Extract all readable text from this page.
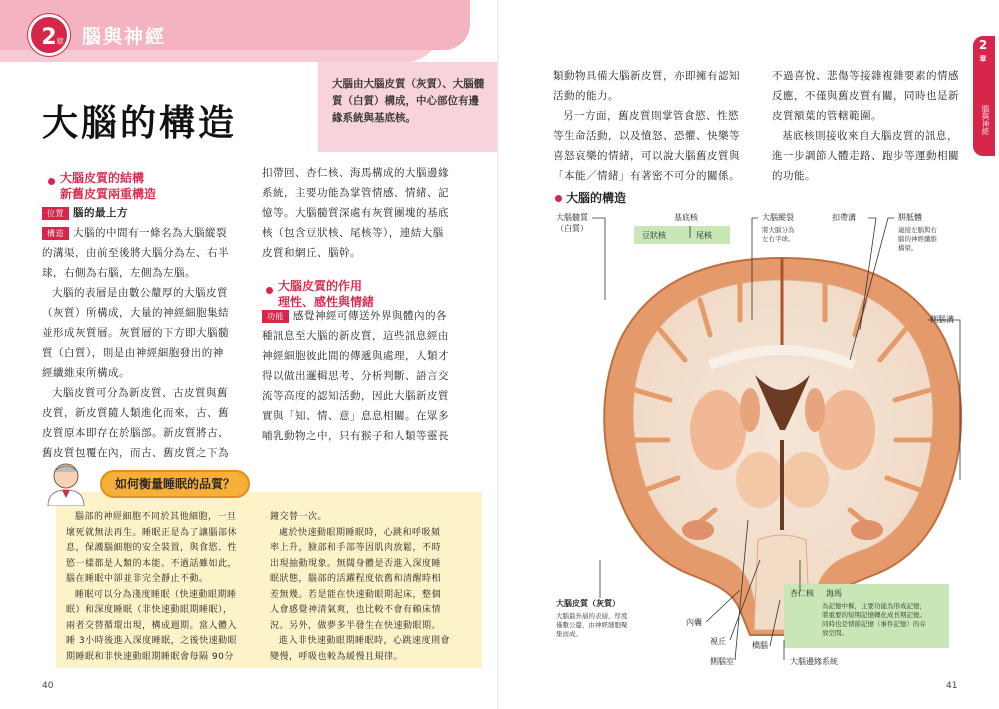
2 章 腦與神經
大腦的構造
大腦由大腦皮質（灰質）、大腦髓質（白質）構成，中心部位有邊緣系統與基底核。
大腦皮質的結構
新舊皮質兩重構造
位置 腦的最上方
構造 大腦的中間有一條名為大腦縱裂
的溝渠，由前至後將大腦分為左、右半
球，右側為右腦，左側為左腦。
大腦的表層是由數公釐厚的大腦皮質
（灰質）所構成，大量的神經細胞集結
並形成灰質層。灰質層的下方即大腦髓
質（白質），則是由神經細胞發出的神
經纖維束所構成。
大腦皮質可分為新皮質、古皮質與舊
皮質，新皮質隨人類進化而來，古、舊
皮質原本即存在於腦部。新皮質將古、
舊皮質包覆在內，而古、舊皮質之下為
扣帶回、杏仁核、海馬構成的大腦邊緣
系統，主要功能為掌管情感、情緒、記
憶等。大腦髓質深處有灰質團塊的基底
核（包含豆狀核、尾核等），連結大腦
皮質和網丘、腦幹。
大腦皮質的作用
理性、感性與情緒
功能 感覺神經可傳送外界與體內的各
種訊息至大腦的新皮質，這些訊息經由
神經細胞彼此間的傳遞與處理，人類才
得以做出邏輯思考、分析判斷、語言交
流等高度的認知活動，因此大腦新皮質
實與「知、情、意」息息相關。在眾多
哺乳動物之中，只有猴子和人類等靈長
如何衡量睡眠的品質？
腦部的神經細胞不同於其他細胞，一旦
壞死就無法再生。睡眠正是為了讓腦部休
息，保護腦細胞的安全裝置，與食慾、性
慾一樣都是人類的本能。不過話雖如此，
腦在睡眠中卻並非完全靜止不動。
睡眠可以分為淺度睡眠（快速動眼期睡
眠）和深度睡眠（非快速動眼期睡眠），
兩者交替循環出現，構成週期。當人體入
睡 3小時後進入深度睡眠，之後快速動眼
期睡眠和非快速動眼期睡眠會每隔 90分
鐘交替一次。
處於快速動眼期睡眠時，心跳和呼吸頻
率上升，臉部和手部等因肌肉放鬆，不時
出現抽動現象。無闊身體是否進入深度睡
眠狀態，腦部的活躍程度依舊和清醒時相
差無幾。若是能在快速動眼期起床，整個
人會感覺神清氣爽，也比較不會有賴床情
況。另外，做夢多半發生在快速動眼期。
進入非快速動眼期睡眠時，心跳速度則會
變慢，呼吸也較為緩慢且規律。
40
類動物具備大腦新皮質，亦即擁有認知
活動的能力。
另一方面，舊皮質則掌管食慾、性慾
等生命活動，以及憤怒、恐懼、快樂等
喜怒哀樂的情緒，可以說大腦舊皮質與
「本能／情緒」有著密不可分的關係。
不過喜悅、悲傷等接雜複雜要素的情感
反應，不僅與舊皮質有關，同時也是新
皮質額葉的管轄範圍。
基底核則接收來自大腦皮質的訊息，
進一步調節人體走路、跑步等運動相關
的功能。
大腦的構造
41
2
章
腦與神經
大腦髓質
（白質）
基底核
豆狀核	尾核
大腦縱裂
將大腦分為
左右半球。
扣帶溝	胼胝體
連接左腦與右
腦的神經纖維
橋梁。
側腦溝
大腦皮質（灰質）
大腦最外層的表層，厚度
僅數公釐，由神經細胞聚
集而成。
內囊
視丘	橋腦
側腦室
杏仁核 海馬
為記憶中樞，主要功能為形成記憶，
將重要的短期記憶轉化成長期記憶。
同時也是情節記憶（事件記憶）的存
放空間。
大腦邊緣系統
